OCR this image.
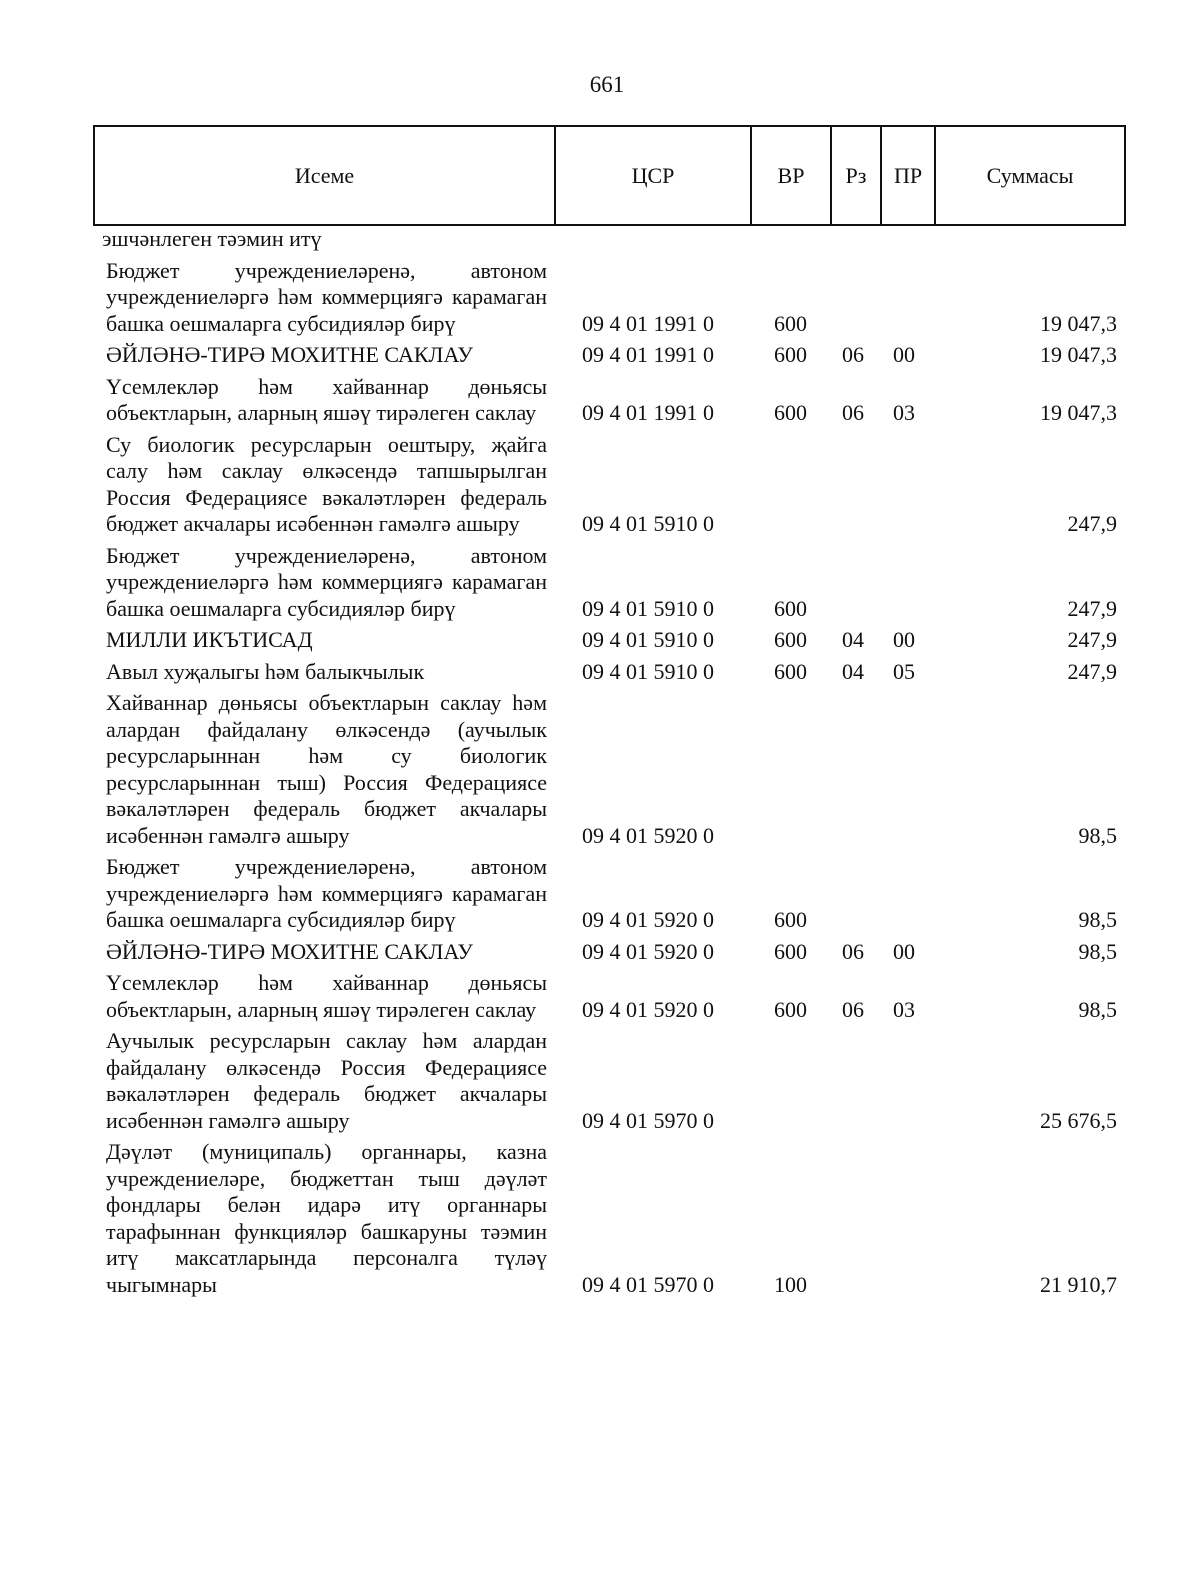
661
Исеме	ЦСР	ВР	Рз	ПР	Суммасы
эшчәнлеген тәэмин итү
Бюджет учреждениеләренә, автоном учреждениеләргә һәм коммерциягә карамаган башка оешмаларга субсидияләр бирү	09 4 01 1991 0	600	19 047,3
ӘЙЛӘНӘ-ТИРӘ МОХИТНЕ САКЛАУ	09 4 01 1991 0	600 06 00	19 047,3
Үсемлекләр һәм хайваннар дөньясы объектларын, аларның яшәү тирәлеген саклау	09 4 01 1991 0	600 06 03	19 047,3
Су биологик ресурсларын оештыру, җайга салу һәм саклау өлкәсендә тапшырылган Россия Федерациясе вәкаләтләрен федераль бюджет акчалары исәбеннән гамәлгә ашыру	09 4 01 5910 0	247,9
Бюджет учреждениеләренә, автоном учреждениеләргә һәм коммерциягә карамаган башка оешмаларга субсидияләр бирү	09 4 01 5910 0	600	247,9
МИЛЛИ ИКЪТИСАД	09 4 01 5910 0	600 04 00	247,9
Авыл хуҗалыгы һәм балыкчылык	09 4 01 5910 0	600 04 05	247,9
Хайваннар дөньясы объектларын саклау һәм алардан файдалану өлкәсендә (аучылык ресурсларыннан һәм су биологик ресурсларыннан тыш) Россия Федерациясе вәкаләтләрен федераль бюджет акчалары исәбеннән гамәлгә ашыру	09 4 01 5920 0	98,5
Бюджет учреждениеләренә, автоном учреждениеләргә һәм коммерциягә карамаган башка оешмаларга субсидияләр бирү	09 4 01 5920 0	600	98,5
ӘЙЛӘНӘ-ТИРӘ МОХИТНЕ САКЛАУ	09 4 01 5920 0	600 06 00	98,5
Үсемлекләр һәм хайваннар дөньясы объектларын, аларның яшәү тирәлеген саклау	09 4 01 5920 0	600 06 03	98,5
Аучылык ресурсларын саклау һәм алардан файдалану өлкәсендә Россия Федерациясе вәкаләтләрен федераль бюджет акчалары исәбеннән гамәлгә ашыру	09 4 01 5970 0	25 676,5
Дәүләт (муниципаль) органнары, казна учреждениеләре, бюджеттан тыш дәүләт фондлары белән идарә итү органнары тарафыннан функцияләр башкаруны тәэмин итү максатларында персоналга түләү чыгымнары	09 4 01 5970 0	100	21 910,7
